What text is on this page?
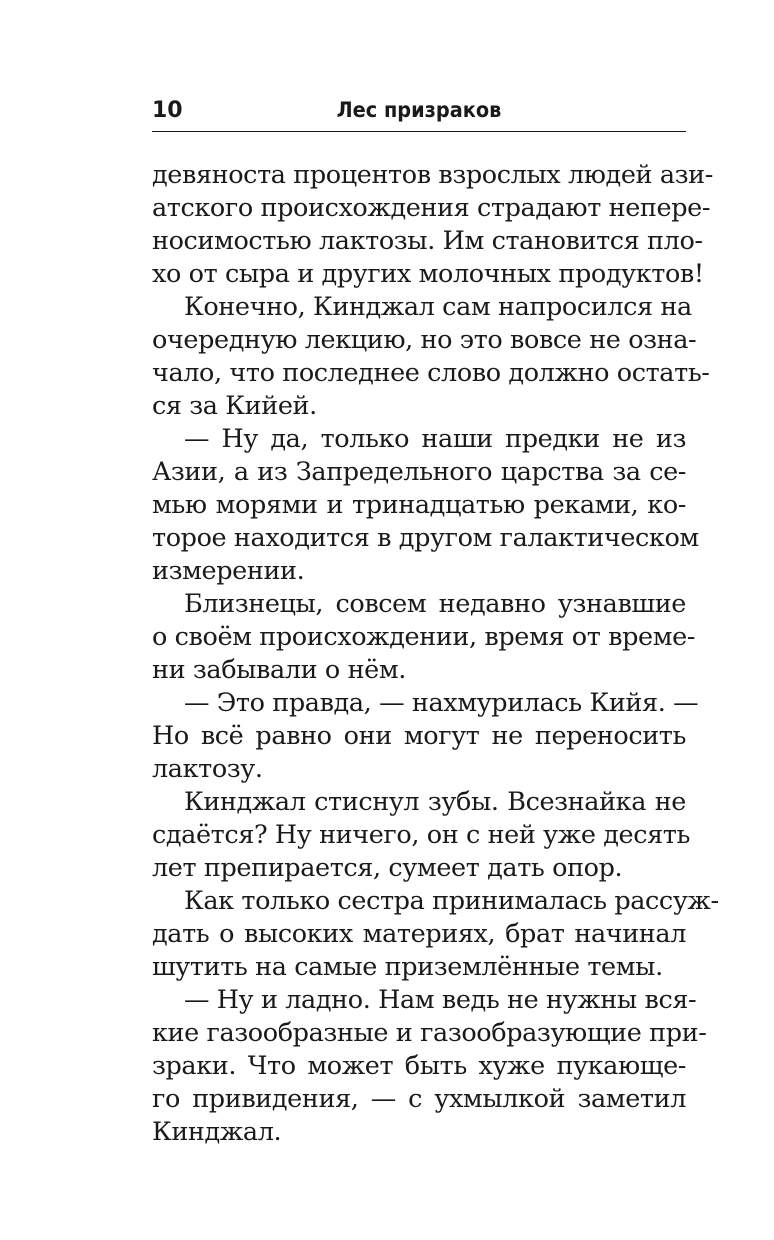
10	Лес призраков
девяноста процентов взрослых людей ази-
атского происхождения страдают непере-
носимостью лактозы. Им становится пло-
хо от сыра и других молочных продуктов!
Конечно, Кинджал сам напросился на
очередную лекцию, но это вовсе не озна-
чало, что последнее слово должно остать-
ся за Кийей.
— Ну да, только наши предки не из
Азии, а из Запредельного царства за се-
мью морями и тринадцатью реками, ко-
торое находится в другом галактическом
измерении.
Близнецы, совсем недавно узнавшие
о своём происхождении, время от време-
ни забывали о нём.
— Это правда, — нахмурилась Кийя. —
Но всё равно они могут не переносить
лактозу.
Кинджал стиснул зубы. Всезнайка не
сдаётся? Ну ничего, он с ней уже десять
лет препирается, сумеет дать опор.
Как только сестра принималась рассуж-
дать о высоких материях, брат начинал
шутить на самые приземлённые темы.
— Ну и ладно. Нам ведь не нужны вся-
кие газообразные и газообразующие при-
зраки. Что может быть хуже пукающе-
го привидения, — с ухмылкой заметил
Кинджал.
